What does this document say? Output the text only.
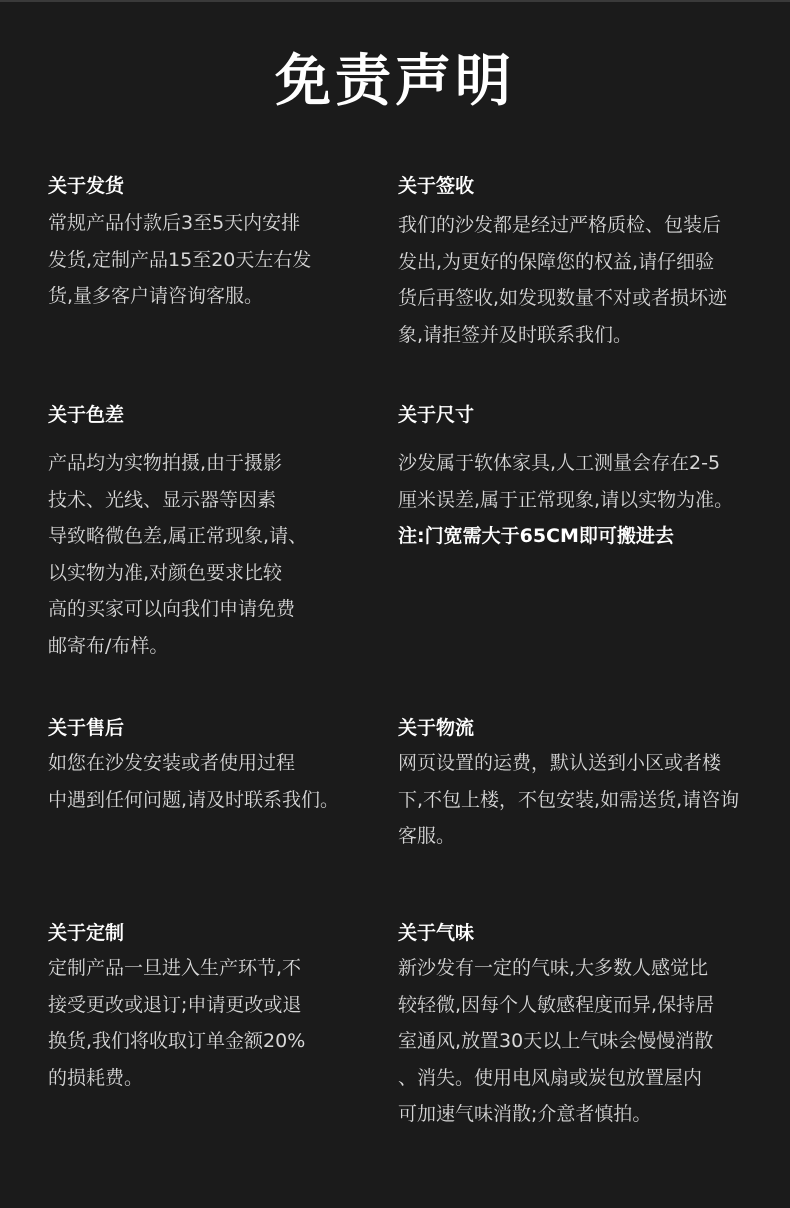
免责声明

关于发货

常规产品付款后3至5天内安排

发货,定制产品15至20天左右发

货,量多客户请咨询客服。

关于签收

我们的沙发都是经过严格质检、包装后

发出,为更好的保障您的权益,请仔细验

货后再签收,如发现数量不对或者损坏迹

象,请拒签并及时联系我们。

关于色差

产品均为实物拍摄,由于摄影

技术、光线、显示器等因素

导致略微色差,属正常现象,请、

以实物为准,对颜色要求比较

高的买家可以向我们申请免费

邮寄布/布样。

关于尺寸

沙发属于软体家具,人工测量会存在2-5

厘米误差,属于正常现象,请以实物为准。

注:门宽需大于65CM即可搬进去

关于售后

如您在沙发安装或者使用过程

中遇到任何问题,请及时联系我们。

关于物流

网页设置的运费，默认送到小区或者楼

下,不包上楼，不包安装,如需送货,请咨询

客服。

关于定制

定制产品一旦进入生产环节,不

接受更改或退订;申请更改或退

换货,我们将收取订单金额20%

的损耗费。

关于气味

新沙发有一定的气味,大多数人感觉比

较轻微,因每个人敏感程度而异,保持居

室通风,放置30天以上气味会慢慢消散

、消失。使用电风扇或炭包放置屋内

可加速气味消散;介意者慎拍。
